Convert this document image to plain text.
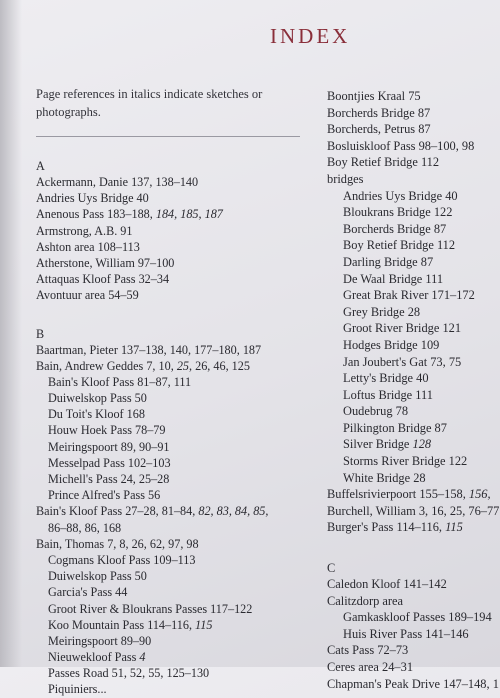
INDEX
Page references in italics indicate sketches or photographs.
A
Ackermann, Danie 137, 138–140
Andries Uys Bridge 40
Anenous Pass 183–188, 184, 185, 187
Armstrong, A.B. 91
Ashton area 108–113
Atherstone, William 97–100
Attaquas Kloof Pass 32–34
Avontuur area 54–59
B
Baartman, Pieter 137–138, 140, 177–180, 187
Bain, Andrew Geddes 7, 10, 25, 26, 46, 125
Bain's Kloof Pass 81–87, 111
Duiwelskop Pass 50
Du Toit's Kloof 168
Houw Hoek Pass 78–79
Meiringspoort 89, 90–91
Messelpad Pass 102–103
Michell's Pass 24, 25–28
Prince Alfred's Pass 56
Bain's Kloof Pass 27–28, 81–84, 82, 83, 84, 85,
86–88, 86, 168
Bain, Thomas 7, 8, 26, 62, 97, 98
Cogmans Kloof Pass 109–113
Duiwelskop Pass 50
Garcia's Pass 44
Groot River & Bloukrans Passes 117–122
Koo Mountain Pass 114–116, 115
Meiringspoort 89–90
Nieuwekloof Pass 4
Passes Road 51, 52, 55, 125–130
Piquiniers...
Boontjies Kraal 75
Borcherds Bridge 87
Borcherds, Petrus 87
Bosluiskloof Pass 98–100, 98
Boy Retief Bridge 112
bridges
Andries Uys Bridge 40
Bloukrans Bridge 122
Borcherds Bridge 87
Boy Retief Bridge 112
Darling Bridge 87
De Waal Bridge 111
Great Brak River 171–172
Grey Bridge 28
Groot River Bridge 121
Hodges Bridge 109
Jan Joubert's Gat 73, 75
Letty's Bridge 40
Loftus Bridge 111
Oudebrug 78
Pilkington Bridge 87
Silver Bridge 128
Storms River Bridge 122
White Bridge 28
Buffelsrivierpoort 155–158, 156,
Burchell, William 3, 16, 25, 76–77
Burger's Pass 114–116, 115
C
Caledon Kloof 141–142
Calitzdorp area
Gamkaskloof Passes 189–194
Huis River Pass 141–146
Cats Pass 72–73
Ceres area 24–31
Chapman's Peak Drive 147–148, 1
